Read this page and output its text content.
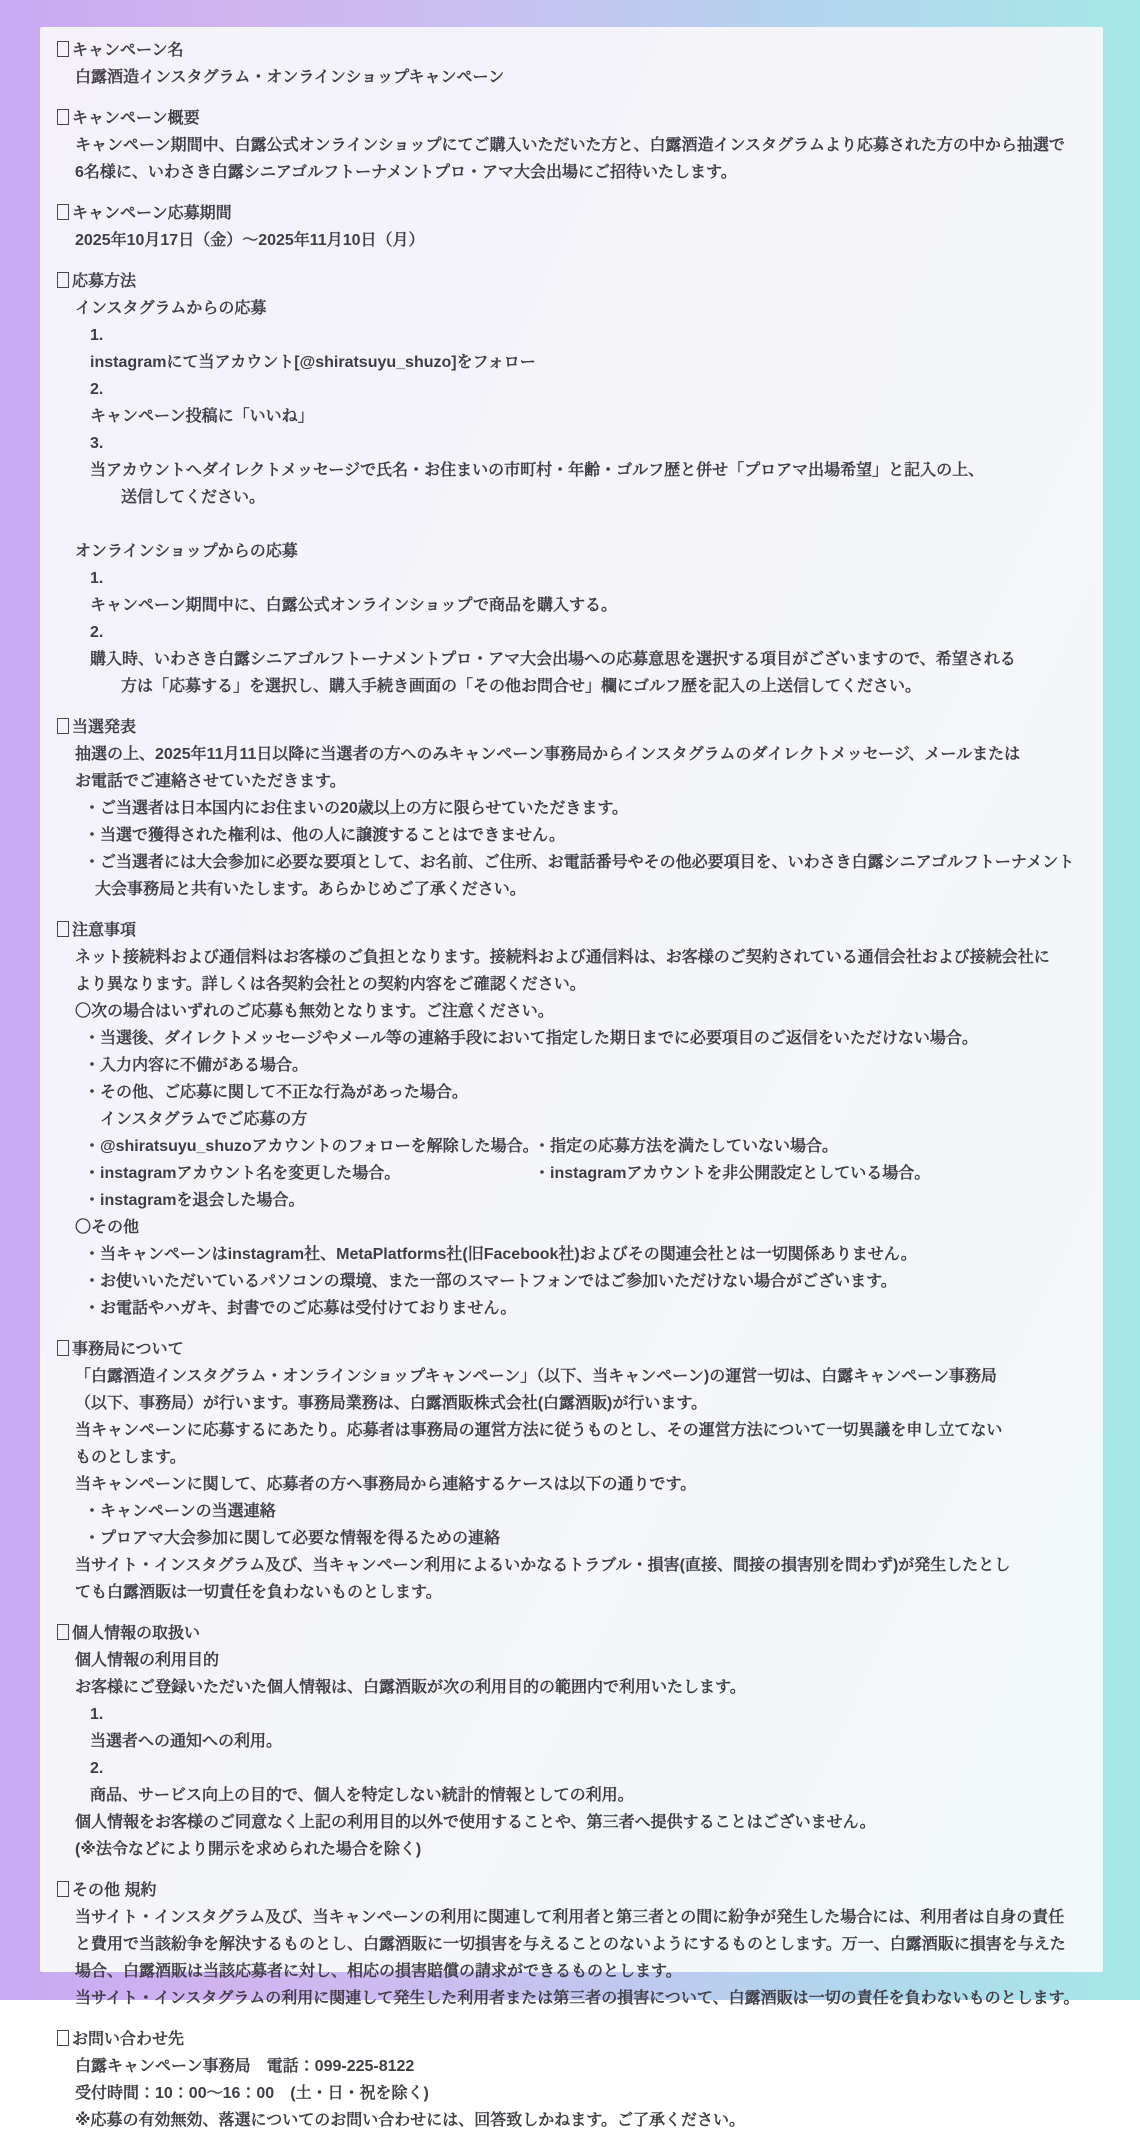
キャンペーン名
白露酒造インスタグラム・オンラインショップキャンペーン
キャンペーン概要
キャンペーン期間中、白露公式オンラインショップにてご購入いただいた方と、白露酒造インスタグラムより応募された方の中から抽選で
6名様に、いわさき白露シニアゴルフトーナメントプロ・アマ大会出場にご招待いたします。
キャンペーン応募期間
2025年10月17日（金）～2025年11月10日（月）
応募方法
インスタグラムからの応募
1.
instagramにて当アカウント[@shiratsuyu_shuzo]をフォロー
2.
キャンペーン投稿に「いいね」
3.
当アカウントへダイレクトメッセージで氏名・お住まいの市町村・年齢・ゴルフ歴と併せ「プロアマ出場希望」と記入の上、
送信してください。
オンラインショップからの応募
1.
キャンペーン期間中に、白露公式オンラインショップで商品を購入する。
2.
購入時、いわさき白露シニアゴルフトーナメントプロ・アマ大会出場への応募意思を選択する項目がございますので、希望される
方は「応募する」を選択し、購入手続き画面の「その他お問合せ」欄にゴルフ歴を記入の上送信してください。
当選発表
抽選の上、2025年11月11日以降に当選者の方へのみキャンペーン事務局からインスタグラムのダイレクトメッセージ、メールまたは
お電話でご連絡させていただきます。
・ご当選者は日本国内にお住まいの20歳以上の方に限らせていただきます。
・当選で獲得された権利は、他の人に譲渡することはできません。
・ご当選者には大会参加に必要な要項として、お名前、ご住所、お電話番号やその他必要項目を、いわさき白露シニアゴルフトーナメント
大会事務局と共有いたします。あらかじめご了承ください。
注意事項
ネット接続料および通信料はお客様のご負担となります。接続料および通信料は、お客様のご契約されている通信会社および接続会社に
より異なります。詳しくは各契約会社との契約内容をご確認ください。
〇次の場合はいずれのご応募も無効となります。ご注意ください。
・当選後、ダイレクトメッセージやメール等の連絡手段において指定した期日までに必要項目のご返信をいただけない場合。
・入力内容に不備がある場合。
・その他、ご応募に関して不正な行為があった場合。
インスタグラムでご応募の方
・@shiratsuyu_shuzoアカウントのフォローを解除した場合。・指定の応募方法を満たしていない場合。
・instagramアカウント名を変更した場合。	・instagramアカウントを非公開設定としている場合。
・instagramを退会した場合。
〇その他
・当キャンペーンはinstagram社、MetaPlatforms社(旧Facebook社)およびその関連会社とは一切関係ありません。
・お使いいただいているパソコンの環境、また一部のスマートフォンではご参加いただけない場合がございます。
・お電話やハガキ、封書でのご応募は受付けておりません。
事務局について
「白露酒造インスタグラム・オンラインショップキャンペーン」（以下、当キャンペーン)の運営一切は、白露キャンペーン事務局
（以下、事務局）が行います。事務局業務は、白露酒販株式会社(白露酒販)が行います。
当キャンペーンに応募するにあたり。応募者は事務局の運営方法に従うものとし、その運営方法について一切異議を申し立てない
ものとします。
当キャンペーンに関して、応募者の方へ事務局から連絡するケースは以下の通りです。
・キャンペーンの当選連絡
・プロアマ大会参加に関して必要な情報を得るための連絡
当サイト・インスタグラム及び、当キャンペーン利用によるいかなるトラブル・損害(直接、間接の損害別を問わず)が発生したとし
ても白露酒販は一切責任を負わないものとします。
個人情報の取扱い
個人情報の利用目的
お客様にご登録いただいた個人情報は、白露酒販が次の利用目的の範囲内で利用いたします。
1.
当選者への通知への利用。
2.
商品、サービス向上の目的で、個人を特定しない統計的情報としての利用。
個人情報をお客様のご同意なく上記の利用目的以外で使用することや、第三者へ提供することはございません。
(※法令などにより開示を求められた場合を除く)
その他 規約
当サイト・インスタグラム及び、当キャンペーンの利用に関連して利用者と第三者との間に紛争が発生した場合には、利用者は自身の責任
と費用で当該紛争を解決するものとし、白露酒販に一切損害を与えることのないようにするものとします。万一、白露酒販に損害を与えた
場合、白露酒販は当該応募者に対し、相応の損害賠償の請求ができるものとします。
当サイト・インスタグラムの利用に関連して発生した利用者または第三者の損害について、白露酒販は一切の責任を負わないものとします。
お問い合わせ先
白露キャンペーン事務局　電話：099-225-8122
受付時間：10：00～16：00　(土・日・祝を除く)
※応募の有効無効、落選についてのお問い合わせには、回答致しかねます。ご了承ください。
